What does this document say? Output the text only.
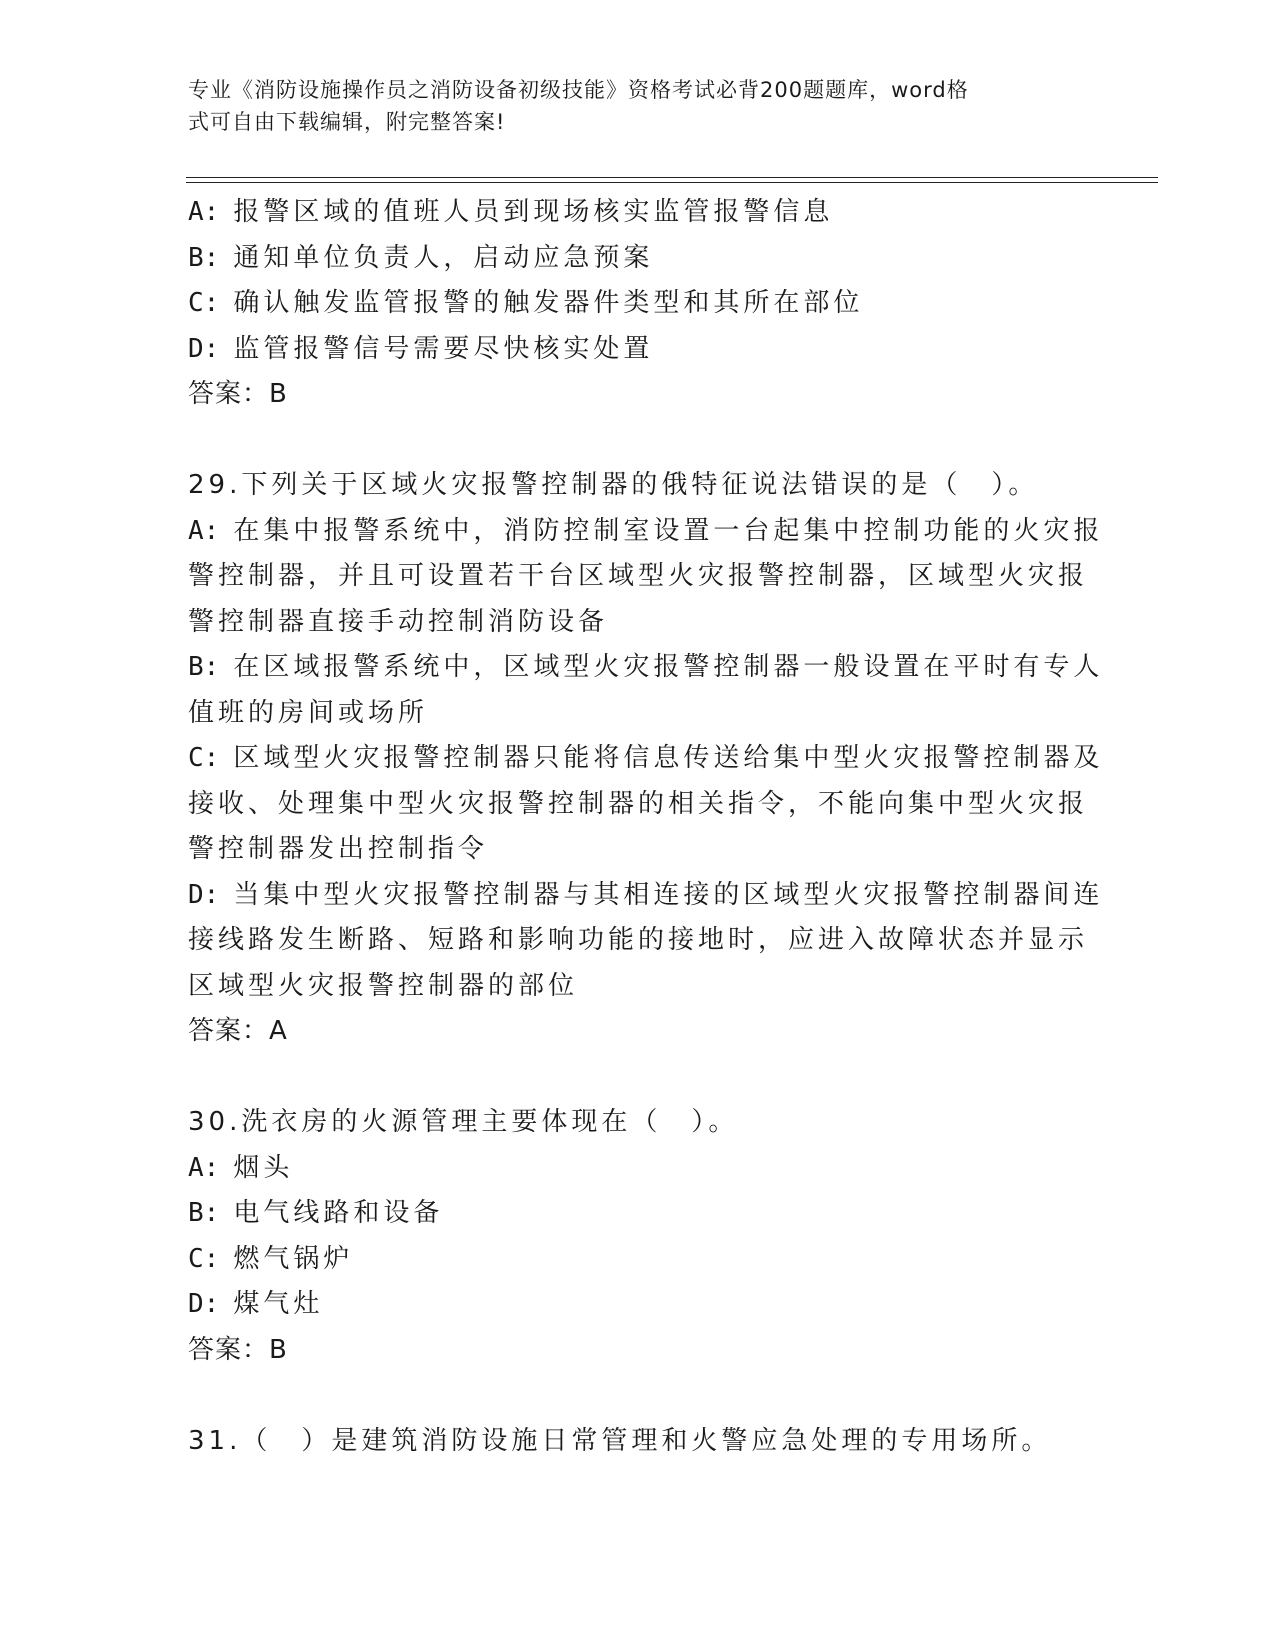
专业《消防设施操作员之消防设备初级技能》资格考试必背200题题库，word格
式可自由下载编辑，附完整答案!
A: 报警区域的值班人员到现场核实监管报警信息
B: 通知单位负责人，启动应急预案
C: 确认触发监管报警的触发器件类型和其所在部位
D: 监管报警信号需要尽快核实处置
答案：B
29.下列关于区域火灾报警控制器的俄特征说法错误的是（　）。
A: 在集中报警系统中，消防控制室设置一台起集中控制功能的火灾报
警控制器，并且可设置若干台区域型火灾报警控制器，区域型火灾报
警控制器直接手动控制消防设备
B: 在区域报警系统中，区域型火灾报警控制器一般设置在平时有专人
值班的房间或场所
C: 区域型火灾报警控制器只能将信息传送给集中型火灾报警控制器及
接收、处理集中型火灾报警控制器的相关指令，不能向集中型火灾报
警控制器发出控制指令
D: 当集中型火灾报警控制器与其相连接的区域型火灾报警控制器间连
接线路发生断路、短路和影响功能的接地时，应进入故障状态并显示
区域型火灾报警控制器的部位
答案：A
30.洗衣房的火源管理主要体现在（　）。
A: 烟头
B: 电气线路和设备
C: 燃气锅炉
D: 煤气灶
答案：B
31.（　）是建筑消防设施日常管理和火警应急处理的专用场所。
